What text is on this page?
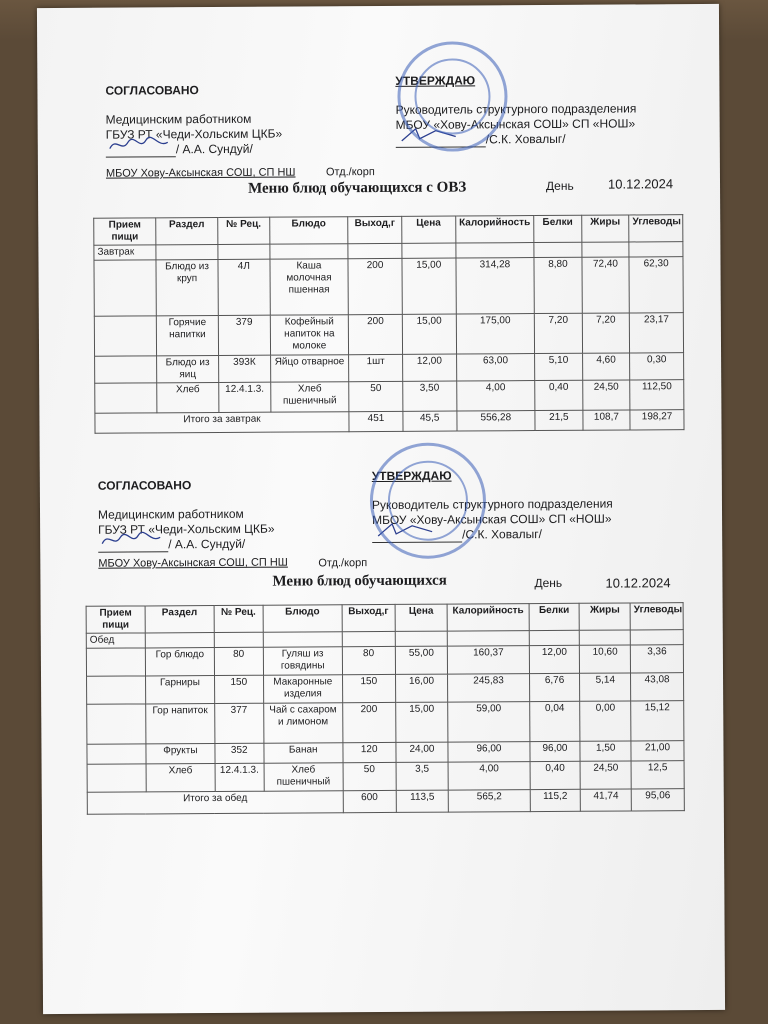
СОГЛАСОВАНО
Медицинским работником
ГБУЗ РТ «Чеди-Хольским ЦКБ»
/ А.А. Сундуй/
УТВЕРЖДАЮ
Руководитель структурного подразделения
МБОУ «Хову-Аксынская СОШ» СП «НОШ»
/С.К. Ховалыг/
МБОУ Хову-Аксынская СОШ, СП НШ	Отд./корп
Меню блюд обучающихся с ОВЗ	День	10.12.2024
Прием пищи	Раздел	№ Рец.	Блюдо	Выход,г	Цена	Калорийность	Белки	Жиры	Углеводы
Завтрак									
	Блюдо из круп	4Л	Каша молочная пшенная	200	15,00	314,28	8,80	72,40	62,30
	Горячие напитки	379	Кофейный напиток на молоке	200	15,00	175,00	7,20	7,20	23,17
	Блюдо из яиц	393К	Яйцо отварное	1шт	12,00	63,00	5,10	4,60	0,30
	Хлеб	12.4.1.3.	Хлеб пшеничный	50	3,50	4,00	0,40	24,50	112,50
Итого за завтрак				451	45,5	556,28	21,5	108,7	198,27
СОГЛАСОВАНО
Медицинским работником
ГБУЗ РТ «Чеди-Хольским ЦКБ»
/ А.А. Сундуй/
УТВЕРЖДАЮ
Руководитель структурного подразделения
МБОУ «Хову-Аксынская СОШ» СП «НОШ»
/С.К. Ховалыг/
МБОУ Хову-Аксынская СОШ, СП НШ	Отд./корп
Меню блюд обучающихся	День	10.12.2024
Прием пищи	Раздел	№ Рец.	Блюдо	Выход,г	Цена	Калорийность	Белки	Жиры	Углеводы
Обед									
	Гор блюдо	80	Гуляш из говядины	80	55,00	160,37	12,00	10,60	3,36
	Гарниры	150	Макаронные изделия	150	16,00	245,83	6,76	5,14	43,08
	Гор напиток	377	Чай с сахаром и лимоном	200	15,00	59,00	0,04	0,00	15,12
	Фрукты	352	Банан	120	24,00	96,00	96,00	1,50	21,00
	Хлеб	12.4.1.3.	Хлеб пшеничный	50	3,5	4,00	0,40	24,50	12,5
Итого за обед				600	113,5	565,2	115,2	41,74	95,06
